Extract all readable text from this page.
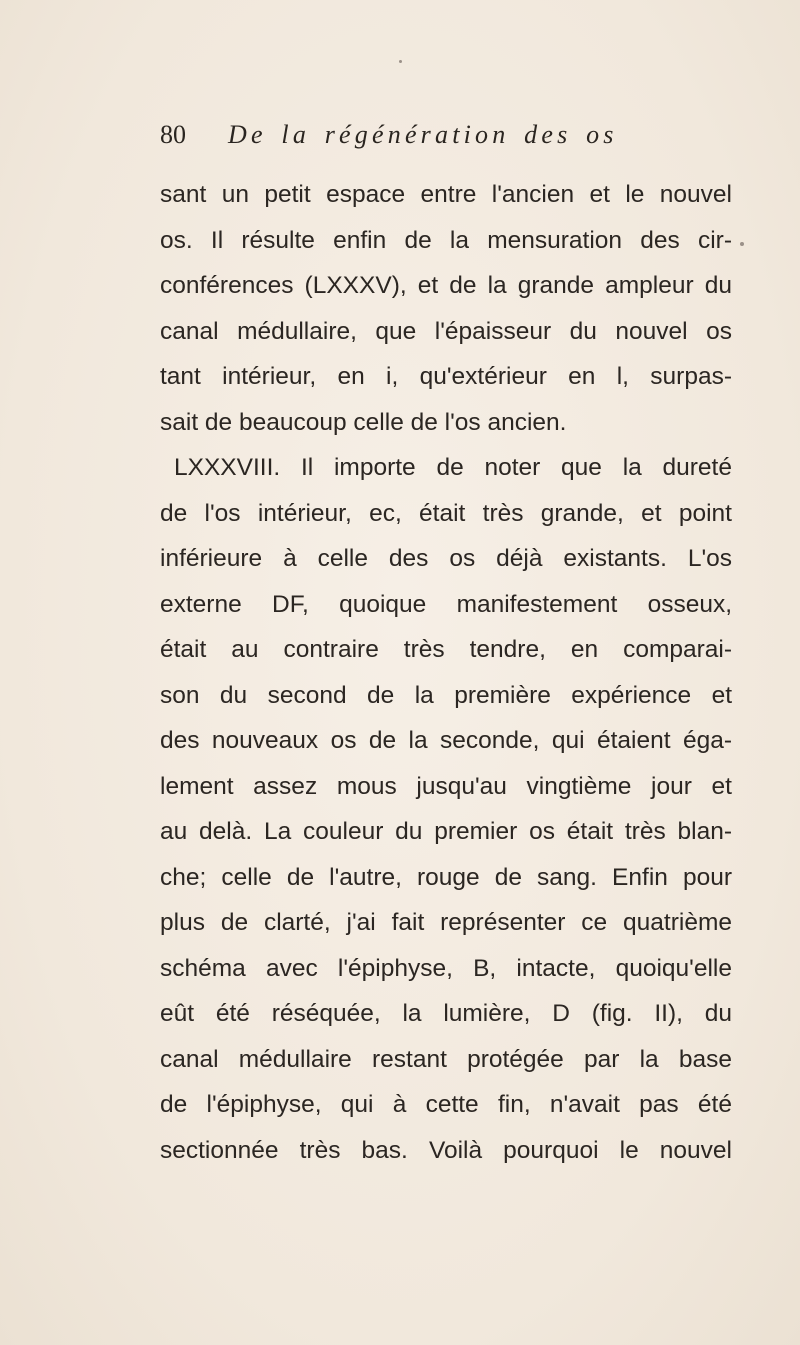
80 De la régénération des os
sant un petit espace entre l'ancien et le nouvel
os. Il résulte enfin de la mensuration des cir-
conférences (LXXXV), et de la grande ampleur du
canal médullaire, que l'épaisseur du nouvel os
tant intérieur, en i, qu'extérieur en l, surpas-
sait de beaucoup celle de l'os ancien.
LXXXVIII. Il importe de noter que la dureté
de l'os intérieur, ec, était très grande, et point
inférieure à celle des os déjà existants. L'os
externe DF, quoique manifestement osseux,
était au contraire très tendre, en comparai-
son du second de la première expérience et
des nouveaux os de la seconde, qui étaient éga-
lement assez mous jusqu'au vingtième jour et
au delà. La couleur du premier os était très blan-
che; celle de l'autre, rouge de sang. Enfin pour
plus de clarté, j'ai fait représenter ce quatrième
schéma avec l'épiphyse, B, intacte, quoiqu'elle
eût été réséquée, la lumière, D (fig. II), du
canal médullaire restant protégée par la base
de l'épiphyse, qui à cette fin, n'avait pas été
sectionnée très bas. Voilà pourquoi le nouvel
